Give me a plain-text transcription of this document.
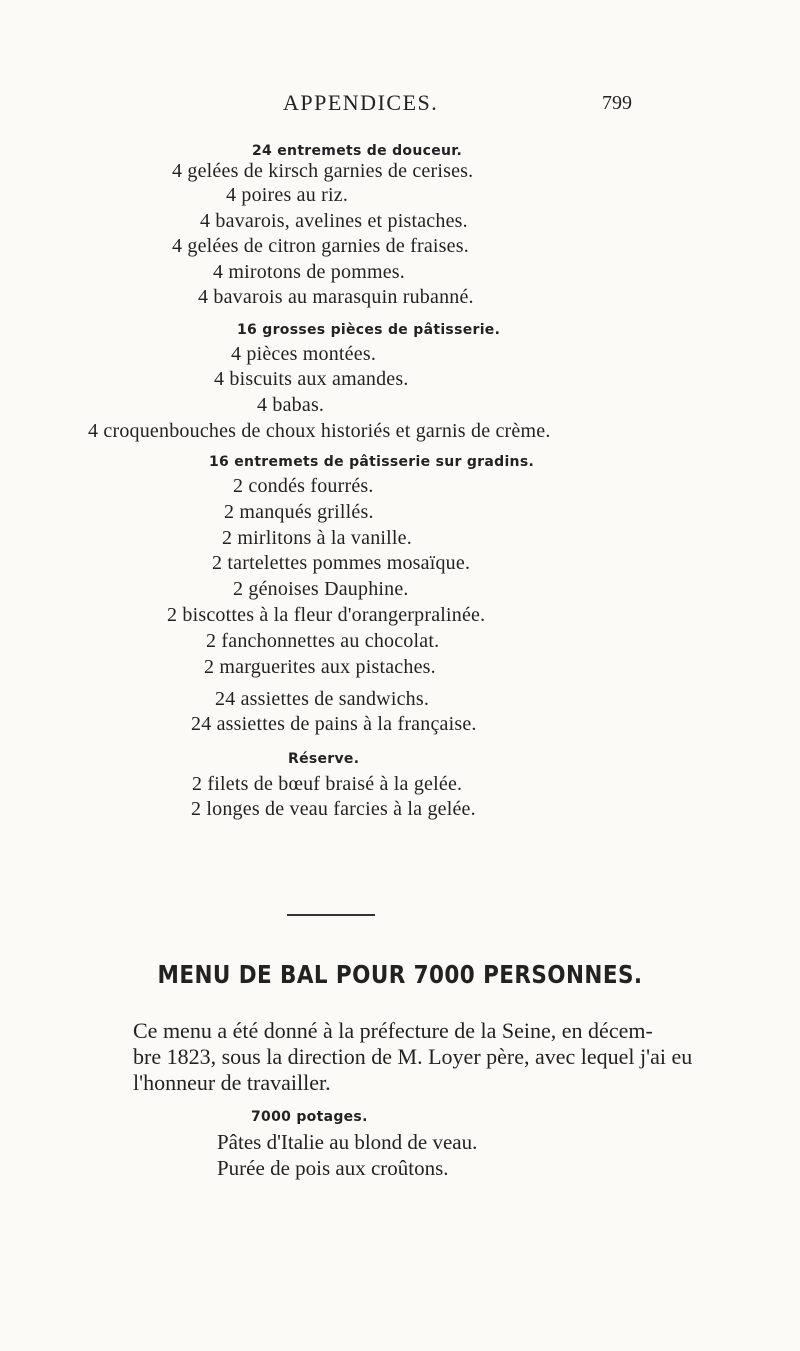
APPENDICES.	799
24 entremets de douceur.
4 gelées de kirsch garnies de cerises.
4 poires au riz.
4 bavarois, avelines et pistaches.
4 gelées de citron garnies de fraises.
4 mirotons de pommes.
4 bavarois au marasquin rubanné.
16 grosses pièces de pâtisserie.
4 pièces montées.
4 biscuits aux amandes.
4 babas.
4 croquenbouches de choux historiés et garnis de crème.
16 entremets de pâtisserie sur gradins.
2 condés fourrés.
2 manqués grillés.
2 mirlitons à la vanille.
2 tartelettes pommes mosaïque.
2 génoises Dauphine.
2 biscottes à la fleur d'orangerpralinée.
2 fanchonnettes au chocolat.
2 marguerites aux pistaches.
24 assiettes de sandwichs.
24 assiettes de pains à la française.
Réserve.
2 filets de bœuf braisé à la gelée.
2 longes de veau farcies à la gelée.
MENU DE BAL POUR 7000 PERSONNES.
Ce menu a été donné à la préfecture de la Seine, en décem-
bre 1823, sous la direction de M. Loyer père, avec lequel j'ai eu
l'honneur de travailler.
7000 potages.
Pâtes d'Italie au blond de veau.
Purée de pois aux croûtons.
